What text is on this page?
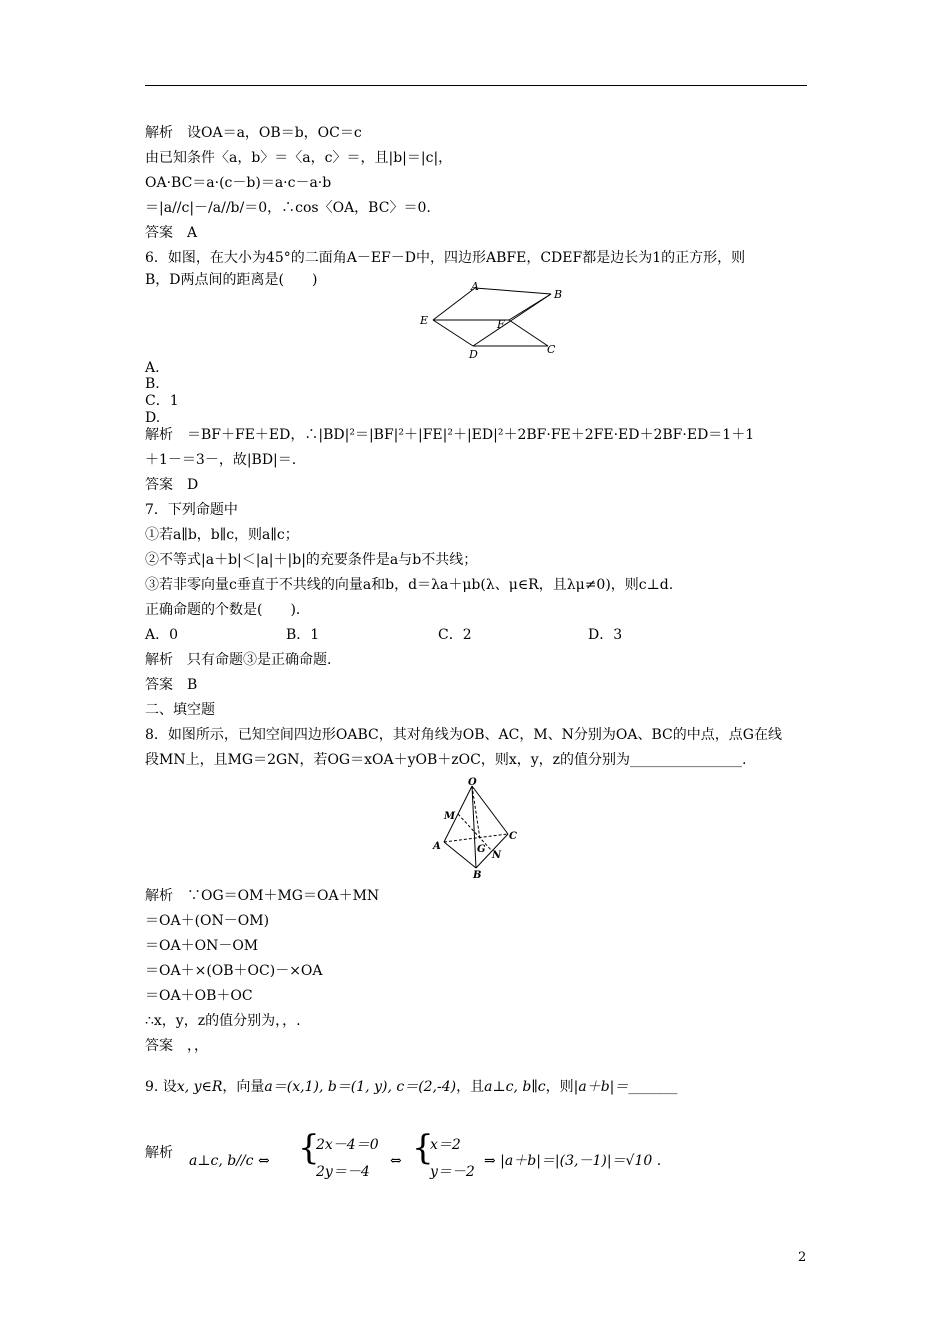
解析　设OA＝a，OB＝b，OC＝c
由已知条件〈a，b〉＝〈a，c〉＝，且|b|＝|c|，
OA·BC＝a·(c－b)＝a·c－a·b
＝|a//c|－/a//b/＝0，∴cos〈OA，BC〉＝0.
答案　A
6．如图，在大小为45°的二面角A－EF－D中，四边形ABFE，CDEF都是边长为1的正方形，则
B，D两点间的距离是(　　)	A
B
E	F
D	C
A.
B.
C．1
D.
解析　＝BF＋FE＋ED，∴|BD|²＝|BF|²＋|FE|²＋|ED|²＋2BF·FE＋2FE·ED＋2BF·ED＝1＋1
＋1－＝3－，故|BD|＝.
答案　D
7．下列命题中
①若a∥b，b∥c，则a∥c；
②不等式|a＋b|＜|a|＋|b|的充要条件是a与b不共线；
③若非零向量c垂直于不共线的向量a和b，d＝λa＋μb(λ、μ∈R，且λμ≠0)，则c⊥d.
正确命题的个数是(　　)．
A．0	B．1	C．2	D．3
解析　只有命题③是正确命题.
答案　B
二、填空题
8．如图所示，已知空间四边形OABC，其对角线为OB、AC，M、N分别为OA、BC的中点，点G在线
段MN上，且MG＝2GN，若OG＝xOA＋yOB＋zOC，则x，y，z的值分别为________________.
O
M
C
A	G
N
B
解析　∵OG＝OM＋MG＝OA＋MN
＝OA＋(ON－OM)
＝OA＋ON－OM
＝OA＋×(OB＋OC)－×OA
＝OA＋OB＋OC
∴x，y，z的值分别为，，.
答案　，，
9. 设x, y∈R，向量a＝(x,1), b＝(1, y), c＝(2,-4)，且a⊥c, b∥c，则|a＋b|＝_______
解析 a⊥c, b//c ⇔ {
2x－4＝0
2y＝－4
⇔ {
x＝2
y＝－2
⇒ |a＋b|＝|(3,－1)|＝√10 .
2
